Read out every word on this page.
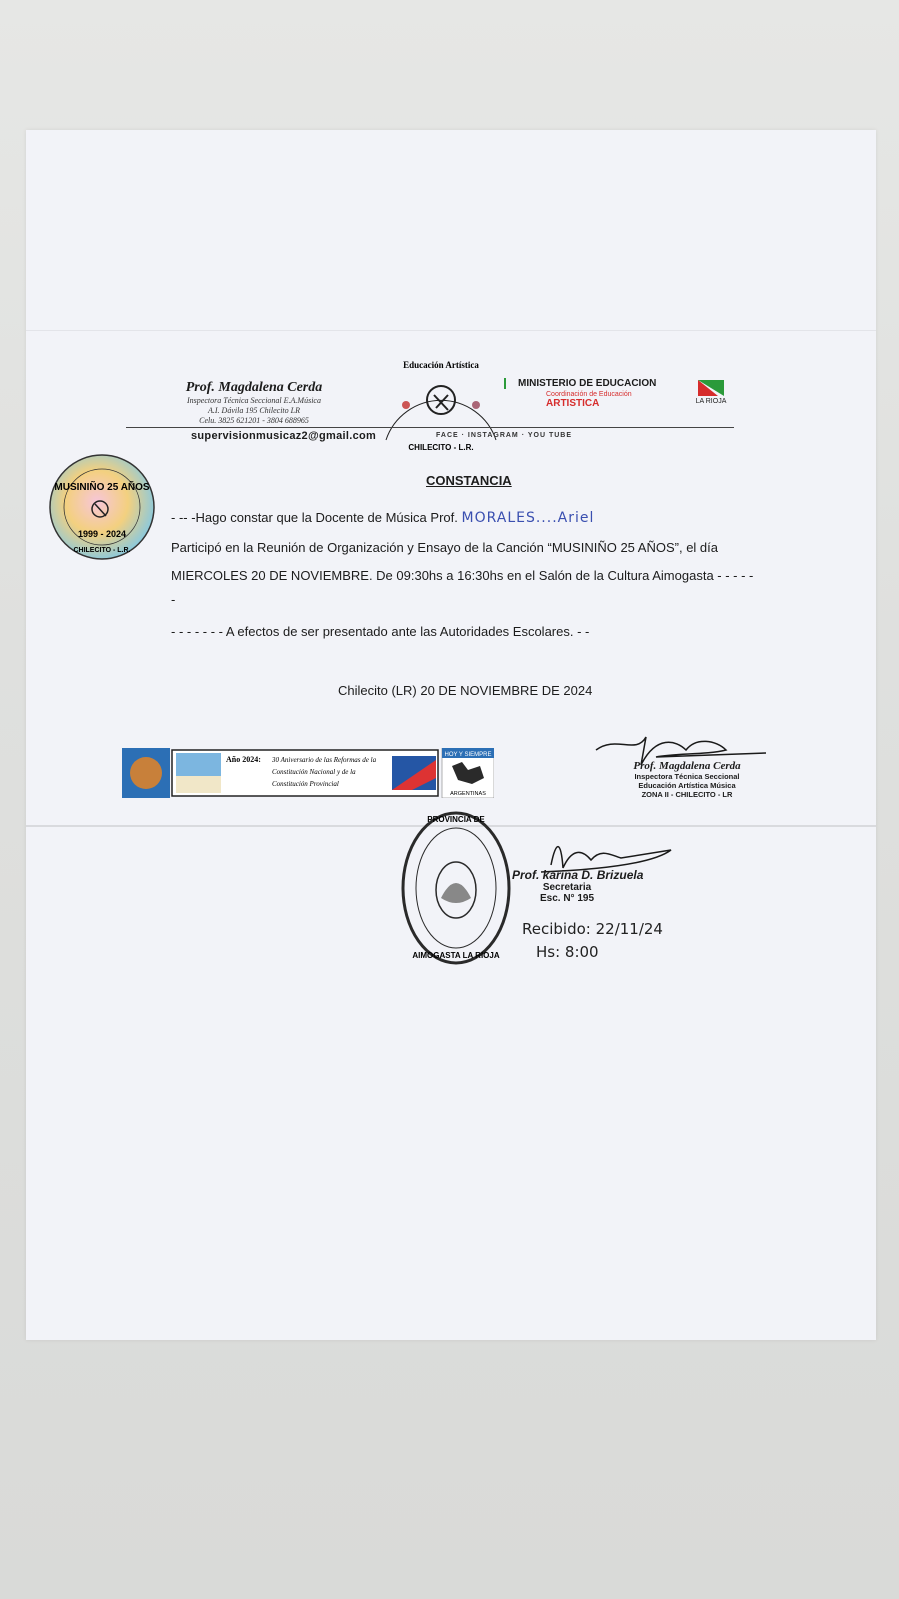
Prof. Magdalena Cerda
Inspectora Técnica Seccional E.A.Música
A.I. Dávila 195 Chilecito LR
Celu. 3825 621201 - 3804 688965
Educación Artística
CHILECITO - L.R.
MINISTERIO DE EDUCACION
Coordinación de Educación
ARTISTICA	LA RIOJA
supervisionmusicaz2@gmail.com	FACE · INSTAGRAM · YOU TUBE
MUSINIÑO 25 AÑOS
1999 - 2024
CHILECITO - L.R.
CONSTANCIA
- -- -Hago constar que la Docente de Música Prof. MORALES....Ariel
Participó en la Reunión de Organización y Ensayo de la Canción “MUSINIÑO 25 AÑOS”, el día
MIERCOLES 20 DE NOVIEMBRE. De 09:30hs a 16:30hs en el Salón de la Cultura Aimogasta - - - - -
-
- - - - - - - A efectos de ser presentado ante las Autoridades Escolares. - -
Chilecito (LR) 20 DE NOVIEMBRE DE 2024
Año 2024: 30 Aniversario de las Reformas de la
Constitución Nacional y de la
Constitución Provincial
HOY Y SIEMPRE
ARGENTINAS
Prof. Magdalena Cerda
Inspectora Técnica Seccional
Educación Artística Música
ZONA II - CHILECITO - LR
PROVINCIA DE
AIMOGASTA LA RIOJA
Prof. karina D. Brizuela
Secretaria
Esc. N° 195
Recibido: 22/11/24
Hs: 8:00
